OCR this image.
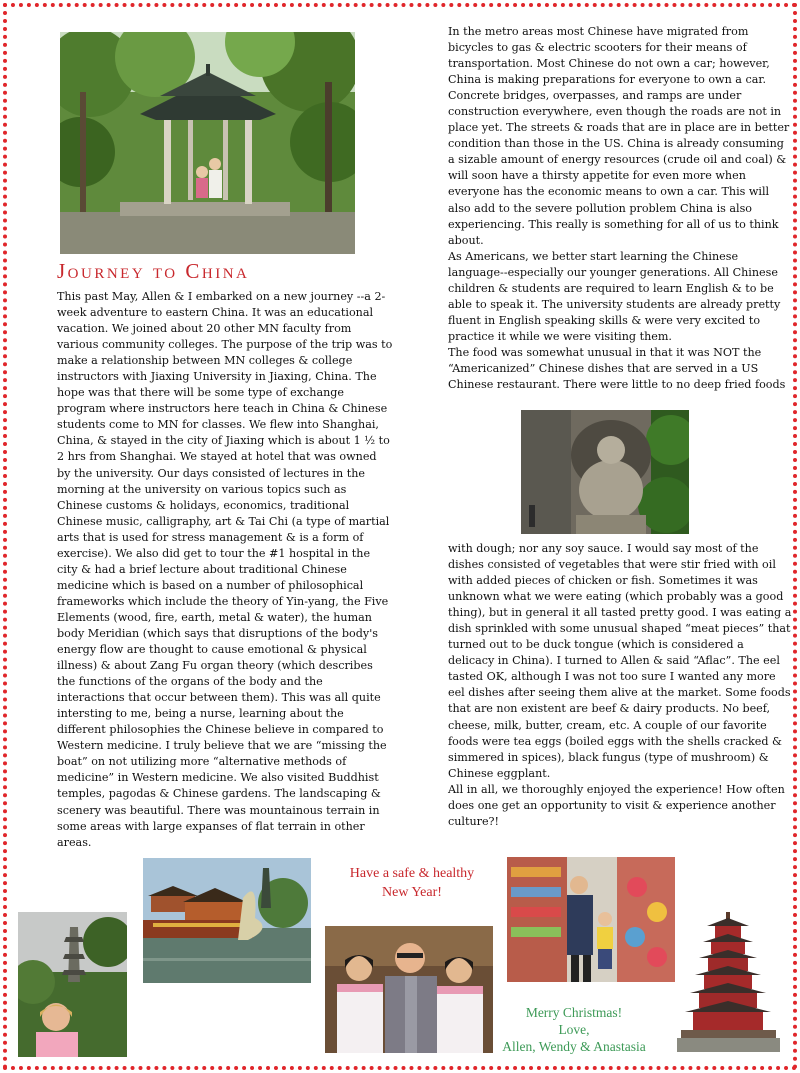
Journey to China

This past May, Allen & I embarked on a new journey --a 2-week adventure to eastern China. It was an educational vacation. We joined about 20 other MN faculty from various community colleges. The purpose of the trip was to make a relationship between MN colleges & college instructors with Jiaxing University in Jiaxing, China. The hope was that there will be some type of exchange program where instructors here teach in China & Chinese students come to MN for classes. We flew into Shanghai, China, & stayed in the city of Jiaxing which is about 1 ½ to 2 hrs from Shanghai. We stayed at hotel that was owned by the university. Our days consisted of lectures in the morning at the university on various topics such as Chinese customs & holidays, economics, traditional Chinese music, calligraphy, art & Tai Chi (a type of martial arts that is used for stress management & is a form of exercise). We also did get to tour the #1 hospital in the city & had a brief lecture about traditional Chinese medicine which is based on a number of philosophical frameworks which include the theory of Yin-yang, the Five Elements (wood, fire, earth, metal & water), the human body Meridian (which says that disruptions of the body's energy flow are thought to cause emotional & physical illness) & about Zang Fu organ theory (which describes the functions of the organs of the body and the interactions that occur between them). This was all quite intersting to me, being a nurse, learning about the different philosophies the Chinese believe in compared to Western medicine. I truly believe that we are “missing the boat” on not utilizing more “alternative methods of medicine” in Western medicine. We also visited Buddhist temples, pagodas & Chinese gardens. The landscaping & scenery was beautiful. There was mountainous terrain in some areas with large expanses of flat terrain in other areas.

In the metro areas most Chinese have migrated from bicycles to gas & electric scooters for their means of transportation. Most Chinese do not own a car; however, China is making preparations for everyone to own a car. Concrete bridges, overpasses, and ramps are under construction everywhere, even though the roads are not in place yet. The streets & roads that are in place are in better condition than those in the US. China is already consuming a sizable amount of energy resources (crude oil and coal) & will soon have a thirsty appetite for even more when everyone has the economic means to own a car. This will also add to the severe pollution problem China is also experiencing. This really is something for all of us to think about.

As Americans, we better start learning the Chinese language--especially our younger generations. All Chinese children & students are required to learn English & to be able to speak it. The university students are already pretty fluent in English speaking skills & were very excited to practice it while we were visiting them.

The food was somewhat unusual in that it was NOT the “Americanized” Chinese dishes that are served in a US Chinese restaurant. There were little to no deep fried foods

with dough; nor any soy sauce. I would say most of the dishes consisted of vegetables that were stir fried with oil with added pieces of chicken or fish. Sometimes it was unknown what we were eating (which probably was a good thing), but in general it all tasted pretty good. I was eating a dish sprinkled with some unusual shaped “meat pieces” that turned out to be duck tongue (which is considered a delicacy in China). I turned to Allen & said “Aflac”. The eel tasted OK, although I was not too sure I wanted any more eel dishes after seeing them alive at the market. Some foods that are non existent are beef & dairy products. No beef, cheese, milk, butter, cream, etc. A couple of our favorite foods were tea eggs (boiled eggs with the shells cracked & simmered in spices), black fungus (type of mushroom) & Chinese eggplant.

All in all, we thoroughly enjoyed the experience! How often does one get an opportunity to visit & experience another culture?!

Have a safe & healthy
New Year!
Merry Christmas!
Love,
Allen, Wendy & Anastasia
